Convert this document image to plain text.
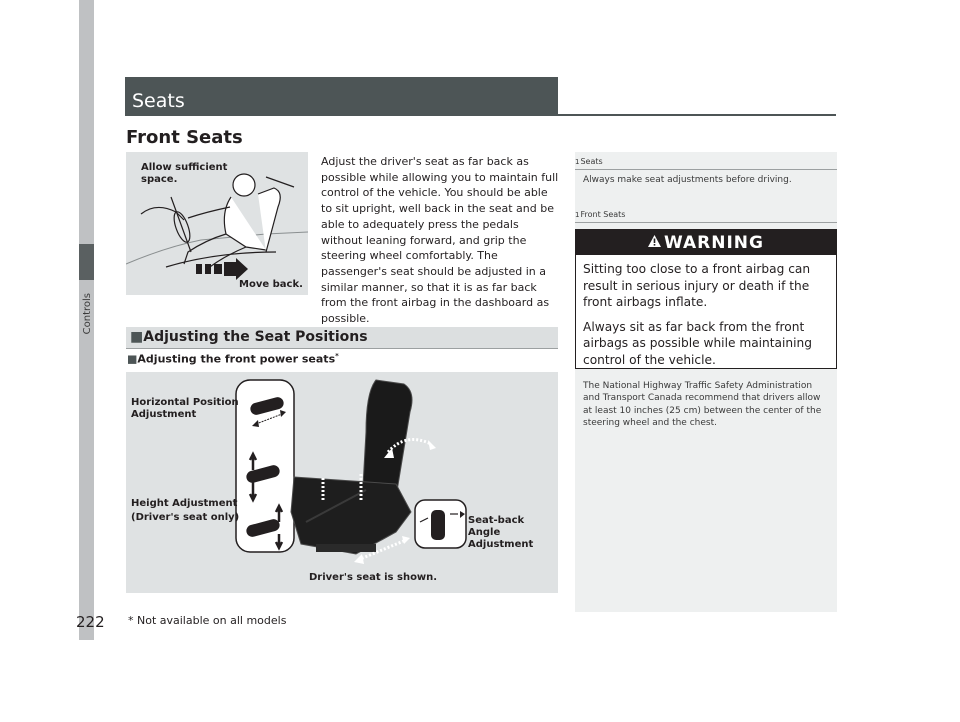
Controls
222
Seats
Front Seats
Allow sufficient space.
Move back.
Adjust the driver's seat as far back as possible while allowing you to maintain full control of the vehicle. You should be able to sit upright, well back in the seat and be able to adequately press the pedals without leaning forward, and grip the steering wheel comfortably. The passenger's seat should be adjusted in a similar manner, so that it is as far back from the front airbag in the dashboard as possible.
■Adjusting the Seat Positions
■Adjusting the front power seats*
Horizontal Position Adjustment
Height Adjustment (Driver's seat only)	Seat-back Angle Adjustment
Driver's seat is shown.
* Not available on all models
1Seats
Always make seat adjustments before driving.
1Front Seats
WARNING

Sitting too close to a front airbag can result in serious injury or death if the front airbags inflate.

Always sit as far back from the front airbags as possible while maintaining control of the vehicle.

The National Highway Traffic Safety Administration and Transport Canada recommend that drivers allow at least 10 inches (25 cm) between the center of the steering wheel and the chest.
